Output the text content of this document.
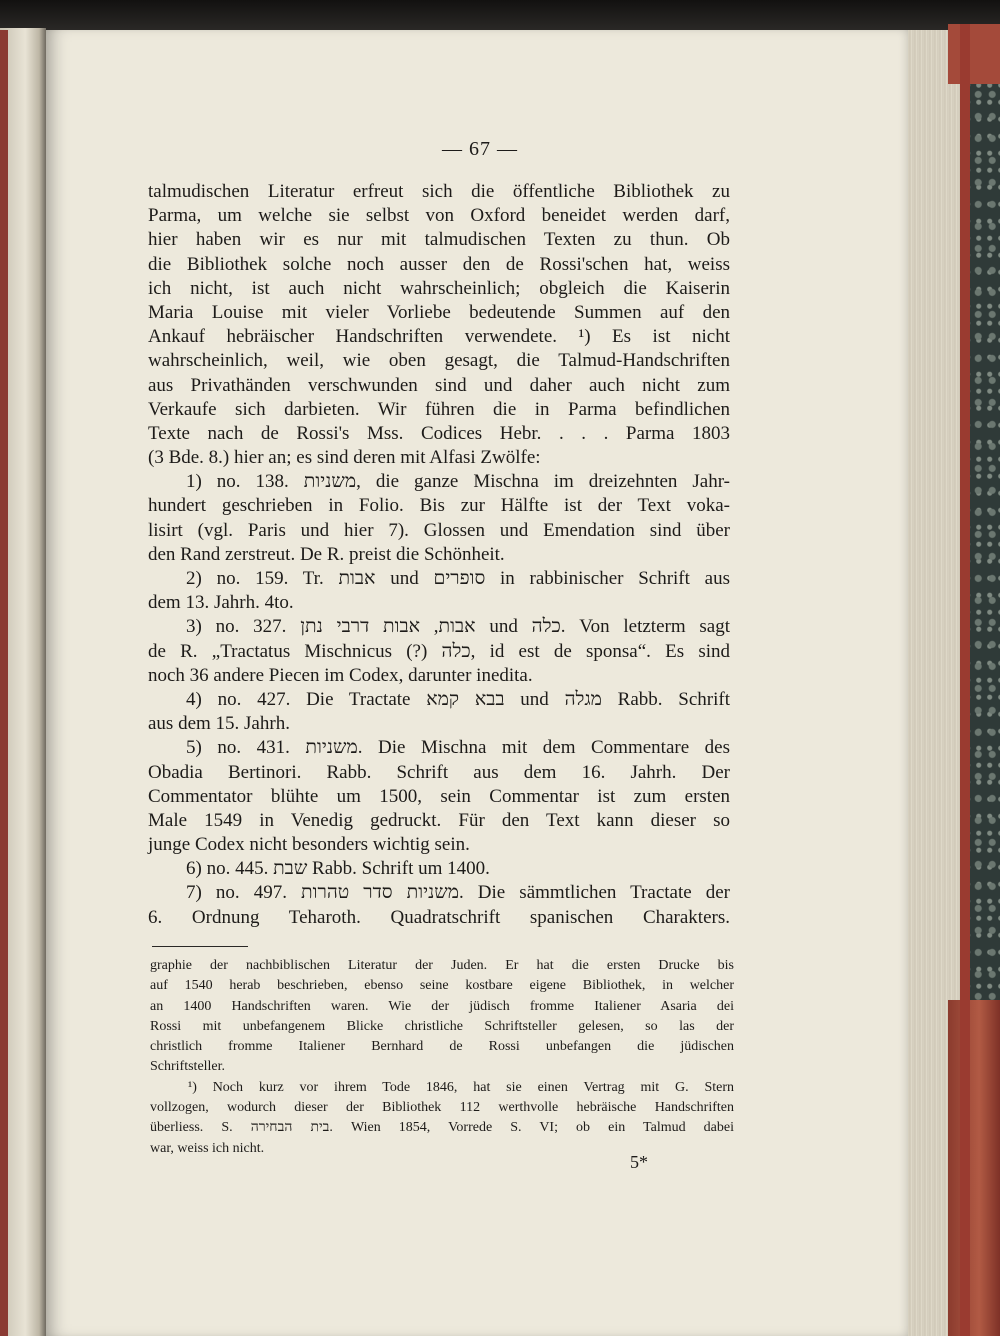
— 67 —
talmudischen Literatur erfreut sich die öffentliche Bibliothek zu
Parma, um welche sie selbst von Oxford beneidet werden darf,
hier haben wir es nur mit talmudischen Texten zu thun. Ob
die Bibliothek solche noch ausser den de Rossi'schen hat, weiss
ich nicht, ist auch nicht wahrscheinlich; obgleich die Kaiserin
Maria Louise mit vieler Vorliebe bedeutende Summen auf den
Ankauf hebräischer Handschriften verwendete. ¹) Es ist nicht
wahrscheinlich, weil, wie oben gesagt, die Talmud-Handschriften
aus Privathänden verschwunden sind und daher auch nicht zum
Verkaufe sich darbieten. Wir führen die in Parma befindlichen
Texte nach de Rossi's Mss. Codices Hebr. . . . Parma 1803
(3 Bde. 8.) hier an; es sind deren mit Alfasi Zwölfe:
1) no. 138. משניות, die ganze Mischna im dreizehnten Jahr-
hundert geschrieben in Folio. Bis zur Hälfte ist der Text voka-
lisirt (vgl. Paris und hier 7). Glossen und Emendation sind über
den Rand zerstreut. De R. preist die Schönheit.
2) no. 159. Tr. אבות und סופרים in rabbinischer Schrift aus
dem 13. Jahrh. 4to.
3) no. 327. אבות, אבות דרבי נתן und כלה. Von letzterm sagt
de R. „Tractatus Mischnicus (?) כלה, id est de sponsa“. Es sind
noch 36 andere Piecen im Codex, darunter inedita.
4) no. 427. Die Tractate בבא קמא und מגלה Rabb. Schrift
aus dem 15. Jahrh.
5) no. 431. משניות. Die Mischna mit dem Commentare des
Obadia Bertinori. Rabb. Schrift aus dem 16. Jahrh. Der
Commentator blühte um 1500, sein Commentar ist zum ersten
Male 1549 in Venedig gedruckt. Für den Text kann dieser so
junge Codex nicht besonders wichtig sein.
6) no. 445. שבת Rabb. Schrift um 1400.
7) no. 497. משניות סדר טהרות. Die sämmtlichen Tractate der
6. Ordnung Teharoth. Quadratschrift spanischen Charakters.
graphie der nachbiblischen Literatur der Juden. Er hat die ersten Drucke bis
auf 1540 herab beschrieben, ebenso seine kostbare eigene Bibliothek, in welcher
an 1400 Handschriften waren. Wie der jüdisch fromme Italiener Asaria dei
Rossi mit unbefangenem Blicke christliche Schriftsteller gelesen, so las der
christlich fromme Italiener Bernhard de Rossi unbefangen die jüdischen
Schriftsteller.
¹) Noch kurz vor ihrem Tode 1846, hat sie einen Vertrag mit G. Stern
vollzogen, wodurch dieser der Bibliothek 112 werthvolle hebräische Handschriften
überliess. S. בית הבחירה. Wien 1854, Vorrede S. VI; ob ein Talmud dabei
war, weiss ich nicht.
5*
